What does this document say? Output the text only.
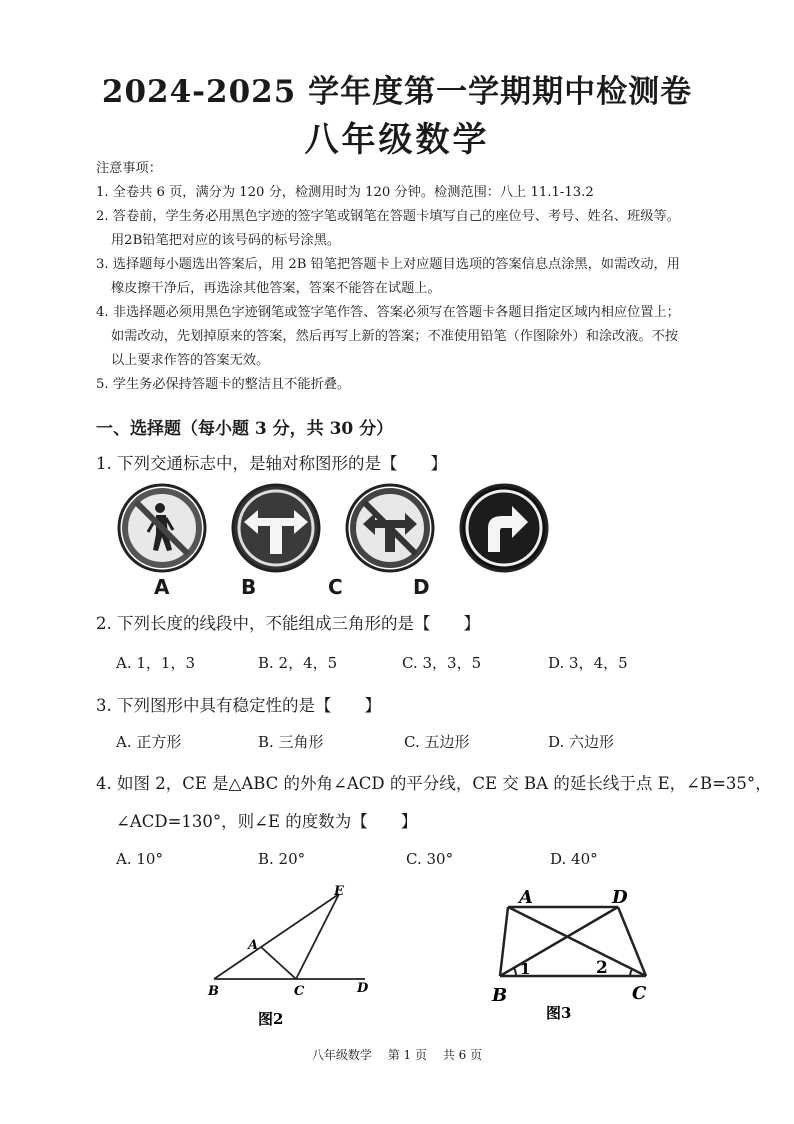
2024-2025 学年度第一学期期中检测卷
八年级数学
注意事项：
1. 全卷共 6 页，满分为 120 分，检测用时为 120 分钟。检测范围：八上 11.1-13.2
2. 答卷前，学生务必用黑色字迹的签字笔或钢笔在答题卡填写自己的座位号、考号、姓名、班级等。
用2B铅笔把对应的该号码的标号涂黑。
3. 选择题每小题选出答案后，用 2B 铅笔把答题卡上对应题目选项的答案信息点涂黑，如需改动，用
橡皮擦干净后，再选涂其他答案，答案不能答在试题上。
4. 非选择题必须用黑色字迹钢笔或签字笔作答、答案必须写在答题卡各题目指定区域内相应位置上；
如需改动，先划掉原来的答案，然后再写上新的答案；不准使用铅笔（作图除外）和涂改液。不按
以上要求作答的答案无效。
5. 学生务必保持答题卡的整洁且不能折叠。
一、选择题（每小题 3 分，共 30 分）
1. 下列交通标志中，是轴对称图形的是【　　】
A	B	C	D
2. 下列长度的线段中，不能组成三角形的是【　　】
A. 1，1，3	B. 2，4，5	C. 3，3，5	D. 3，4，5
3. 下列图形中具有稳定性的是【　　】
A. 正方形	B. 三角形	C. 五边形	D. 六边形
4. 如图 2，CE 是△ABC 的外角∠ACD 的平分线，CE 交 BA 的延长线于点 E，∠B=35°，
∠ACD=130°，则∠E 的度数为【　　】
A. 10°	B. 20°	C. 30°	D. 40°
E
A
B	C	D
图2
1	2
A	D
B	C
图3
八年级数学 第 1 页 共 6 页
